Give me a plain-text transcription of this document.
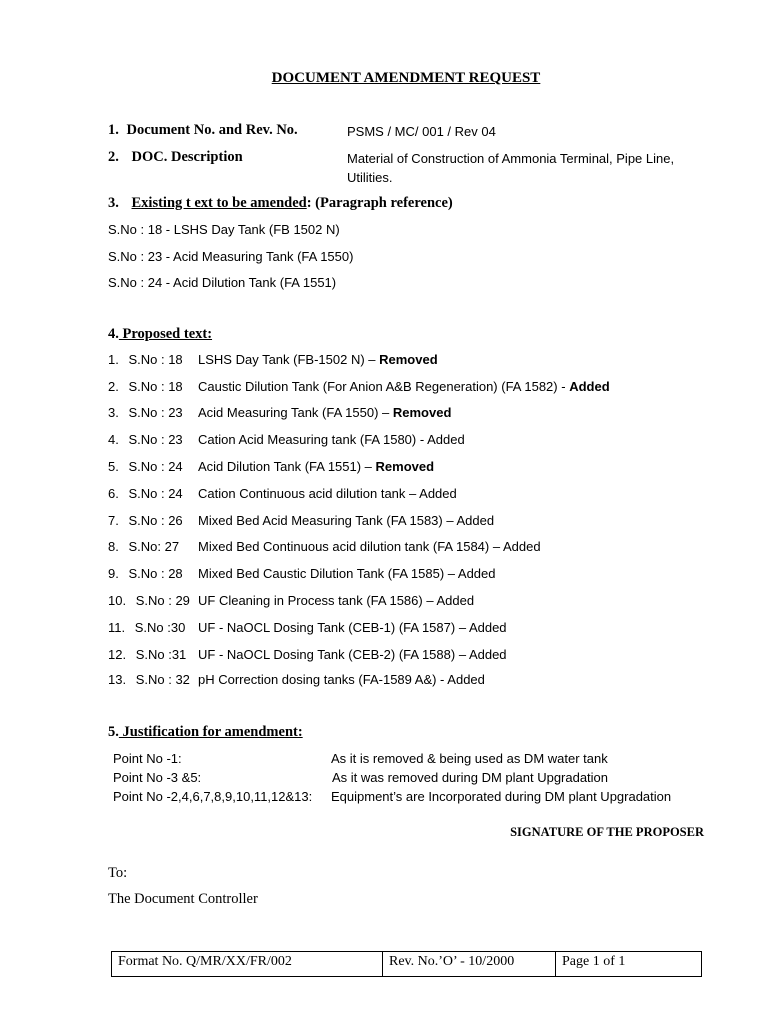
DOCUMENT AMENDMENT REQUEST
1. Document No. and Rev. No.	PSMS / MC/ 001 / Rev 04
2. DOC. Description	Material of Construction of Ammonia Terminal, Pipe Line,
Utilities.
3. Existing t ext to be amended: (Paragraph reference)
S.No : 18 - LSHS Day Tank (FB 1502 N)
S.No : 23 - Acid Measuring Tank (FA 1550)
S.No : 24 - Acid Dilution Tank (FA 1551)
4. Proposed text:
1. S.No : 18 LSHS Day Tank (FB-1502 N) – Removed
2. S.No : 18 Caustic Dilution Tank (For Anion A&B Regeneration) (FA 1582) - Added
3. S.No : 23 Acid Measuring Tank (FA 1550) – Removed
4. S.No : 23 Cation Acid Measuring tank (FA 1580) - Added
5. S.No : 24 Acid Dilution Tank (FA 1551) – Removed
6. S.No : 24 Cation Continuous acid dilution tank – Added
7. S.No : 26 Mixed Bed Acid Measuring Tank (FA 1583) – Added
8. S.No: 27 Mixed Bed Continuous acid dilution tank (FA 1584) – Added
9. S.No : 28 Mixed Bed Caustic Dilution Tank (FA 1585) – Added
10. S.No : 29 UF Cleaning in Process tank (FA 1586) – Added
11. S.No :30 UF - NaOCL Dosing Tank (CEB-1) (FA 1587) – Added
12. S.No :31 UF - NaOCL Dosing Tank (CEB-2) (FA 1588) – Added
13. S.No : 32 pH Correction dosing tanks (FA-1589 A&) - Added
5. Justification for amendment:
Point No -1:	As it is removed & being used as DM water tank
Point No -3 &5:	As it was removed during DM plant Upgradation
Point No -2,4,6,7,8,9,10,11,12&13: Equipment’s are Incorporated during DM plant Upgradation
SIGNATURE OF THE PROPOSER
To:
The Document Controller
Format No. Q/MR/XX/FR/002	Rev. No.’O’ - 10/2000	Page 1 of 1
